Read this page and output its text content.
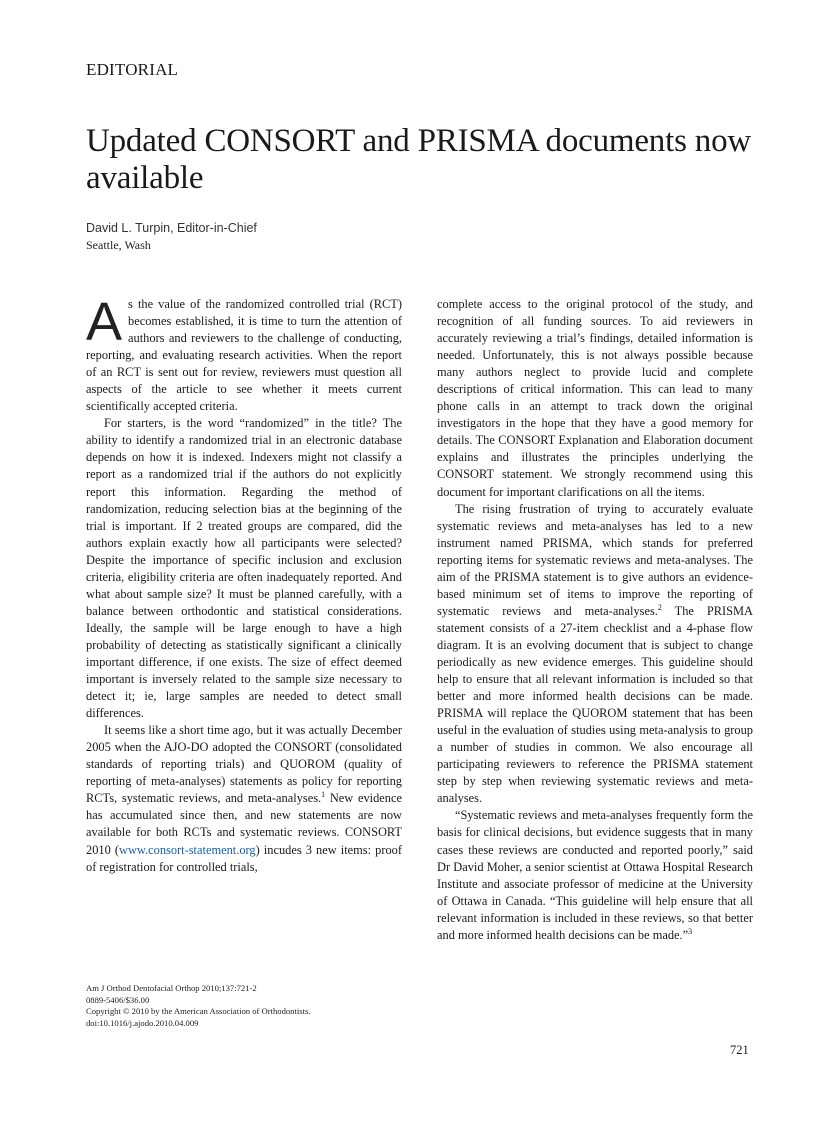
EDITORIAL
Updated CONSORT and PRISMA documents now available
David L. Turpin, Editor-in-Chief
Seattle, Wash

As the value of the randomized controlled trial (RCT) becomes established, it is time to turn the attention of authors and reviewers to the challenge of conducting, reporting, and evaluating research activities. When the report of an RCT is sent out for review, reviewers must question all aspects of the article to see whether it meets current scientifically accepted criteria.

For starters, is the word “randomized” in the title? The ability to identify a randomized trial in an electronic database depends on how it is indexed. Indexers might not classify a report as a randomized trial if the authors do not explicitly report this information. Regarding the method of randomization, reducing selection bias at the beginning of the trial is important. If 2 treated groups are compared, did the authors explain exactly how all participants were selected? Despite the importance of specific inclusion and exclusion criteria, eligibility criteria are often inadequately reported. And what about sample size? It must be planned carefully, with a balance between orthodontic and statistical considerations. Ideally, the sample will be large enough to have a high probability of detecting as statistically significant a clinically important difference, if one exists. The size of effect deemed important is inversely related to the sample size necessary to detect it; ie, large samples are needed to detect small differences.

It seems like a short time ago, but it was actually December 2005 when the AJO-DO adopted the CONSORT (consolidated standards of reporting trials) and QUOROM (quality of reporting of meta-analyses) statements as policy for reporting RCTs, systematic reviews, and meta-analyses.$^1$ New evidence has accumulated since then, and new statements are now available for both RCTs and systematic reviews. CONSORT 2010 (www.consort-statement.org) incudes 3 new items: proof of registration for controlled trials,

complete access to the original protocol of the study, and recognition of all funding sources. To aid reviewers in accurately reviewing a trial’s findings, detailed information is needed. Unfortunately, this is not always possible because many authors neglect to provide lucid and complete descriptions of critical information. This can lead to many phone calls in an attempt to track down the original investigators in the hope that they have a good memory for details. The CONSORT Explanation and Elaboration document explains and illustrates the principles underlying the CONSORT statement. We strongly recommend using this document for important clarifications on all the items.

The rising frustration of trying to accurately evaluate systematic reviews and meta-analyses has led to a new instrument named PRISMA, which stands for preferred reporting items for systematic reviews and meta-analyses. The aim of the PRISMA statement is to give authors an evidence-based minimum set of items to improve the reporting of systematic reviews and meta-analyses.$^2$ The PRISMA statement consists of a 27-item checklist and a 4-phase flow diagram. It is an evolving document that is subject to change periodically as new evidence emerges. This guideline should help to ensure that all relevant information is included so that better and more informed health decisions can be made. PRISMA will replace the QUOROM statement that has been useful in the evaluation of studies using meta-analysis to group a number of studies in common. We also encourage all participating reviewers to reference the PRISMA statement step by step when reviewing systematic reviews and meta-analyses.

“Systematic reviews and meta-analyses frequently form the basis for clinical decisions, but evidence suggests that in many cases these reviews are conducted and reported poorly,” said Dr David Moher, a senior scientist at Ottawa Hospital Research Institute and associate professor of medicine at the University of Ottawa in Canada. “This guideline will help ensure that all relevant information is included in these reviews, so that better and more informed health decisions can be made.”$^3$

Am J Orthod Dentofacial Orthop 2010;137:721-2
0889-5406/$36.00
Copyright © 2010 by the American Association of Orthodontists.
doi:10.1016/j.ajodo.2010.04.009
721
